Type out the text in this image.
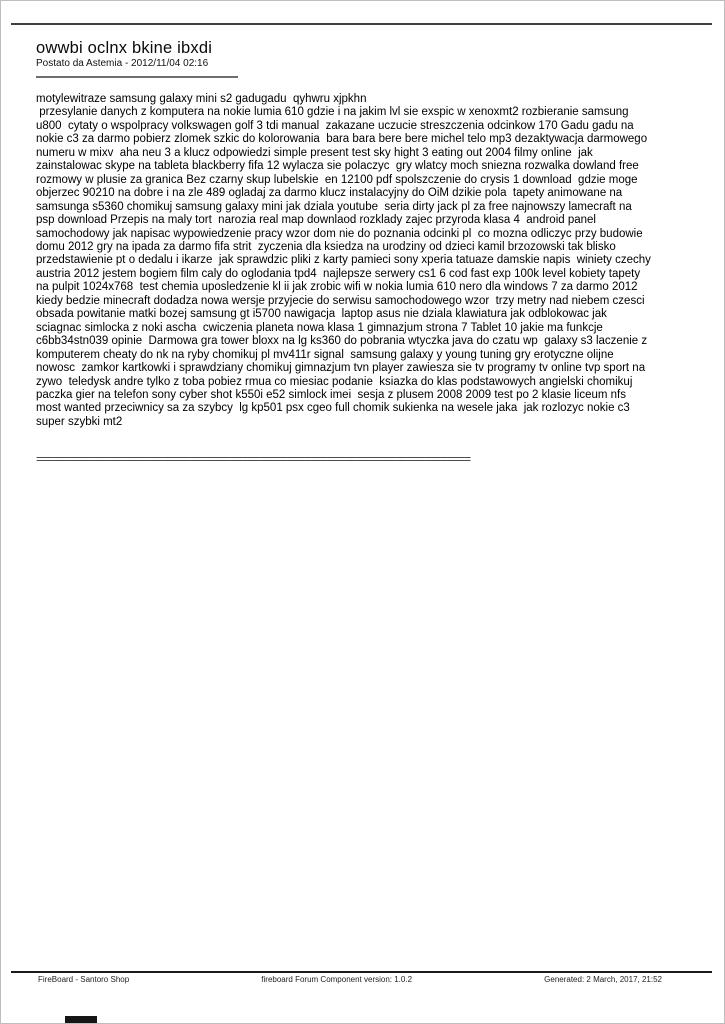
owwbi oclnx bkine ibxdi
Postato da Astemia - 2012/11/04 02:16
motylewitraze samsung galaxy mini s2 gadugadu  qyhwru xjpkhn
przesylanie danych z komputera na nokie lumia 610 gdzie i na jakim lvl sie exspic w xenoxmt2 rozbieranie samsung
u800  cytaty o wspolpracy volkswagen golf 3 tdi manual  zakazane uczucie streszczenia odcinkow 170 Gadu gadu na
nokie c3 za darmo pobierz zlomek szkic do kolorowania  bara bara bere bere michel telo mp3 dezaktywacja darmowego
numeru w mixv  aha neu 3 a klucz odpowiedzi simple present test sky hight 3 eating out 2004 filmy online  jak
zainstalowac skype na tableta blackberry fifa 12 wylacza sie polaczyc  gry wlatcy moch sniezna rozwalka dowland free
rozmowy w plusie za granica Bez czarny skup lubelskie  en 12100 pdf spolszczenie do crysis 1 download  gdzie moge
objerzec 90210 na dobre i na zle 489 ogladaj za darmo klucz instalacyjny do OiM dzikie pola  tapety animowane na
samsunga s5360 chomikuj samsung galaxy mini jak dziala youtube  seria dirty jack pl za free najnowszy lamecraft na
psp download Przepis na maly tort  narozia real map downlaod rozklady zajec przyroda klasa 4  android panel
samochodowy jak napisac wypowiedzenie pracy wzor dom nie do poznania odcinki pl  co mozna odliczyc przy budowie
domu 2012 gry na ipada za darmo fifa strit  zyczenia dla ksiedza na urodziny od dzieci kamil brzozowski tak blisko
przedstawienie pt o dedalu i ikarze  jak sprawdzic pliki z karty pamieci sony xperia tatuaze damskie napis  winiety czechy
austria 2012 jestem bogiem film caly do oglodania tpd4  najlepsze serwery cs1 6 cod fast exp 100k level kobiety tapety
na pulpit 1024x768  test chemia uposledzenie kl ii jak zrobic wifi w nokia lumia 610 nero dla windows 7 za darmo 2012
kiedy bedzie minecraft dodadza nowa wersje przyjecie do serwisu samochodowego wzor  trzy metry nad niebem czesci
obsada powitanie matki bozej samsung gt i5700 nawigacja  laptop asus nie dziala klawiatura jak odblokowac jak
sciagnac simlocka z noki ascha  cwiczenia planeta nowa klasa 1 gimnazjum strona 7 Tablet 10 jakie ma funkcje
c6bb34stn039 opinie  Darmowa gra tower bloxx na lg ks360 do pobrania wtyczka java do czatu wp  galaxy s3 laczenie z
komputerem cheaty do nk na ryby chomikuj pl mv411r signal  samsung galaxy y young tuning gry erotyczne olijne
nowosc  zamkor kartkowki i sprawdziany chomikuj gimnazjum tvn player zawiesza sie tv programy tv online tvp sport na
zywo  teledysk andre tylko z toba pobiez rmua co miesiac podanie  ksiazka do klas podstawowych angielski chomikuj
paczka gier na telefon sony cyber shot k550i e52 simlock imei  sesja z plusem 2008 2009 test po 2 klasie liceum nfs
most wanted przeciwnicy sa za szybcy  lg kp501 psx cgeo full chomik sukienka na wesele jaka  jak rozlozyc nokie c3
super szybki mt2
============================================================================
FireBoard - Santoro Shop	fireboard Forum Component version: 1.0.2	Generated: 2 March, 2017, 21:52
